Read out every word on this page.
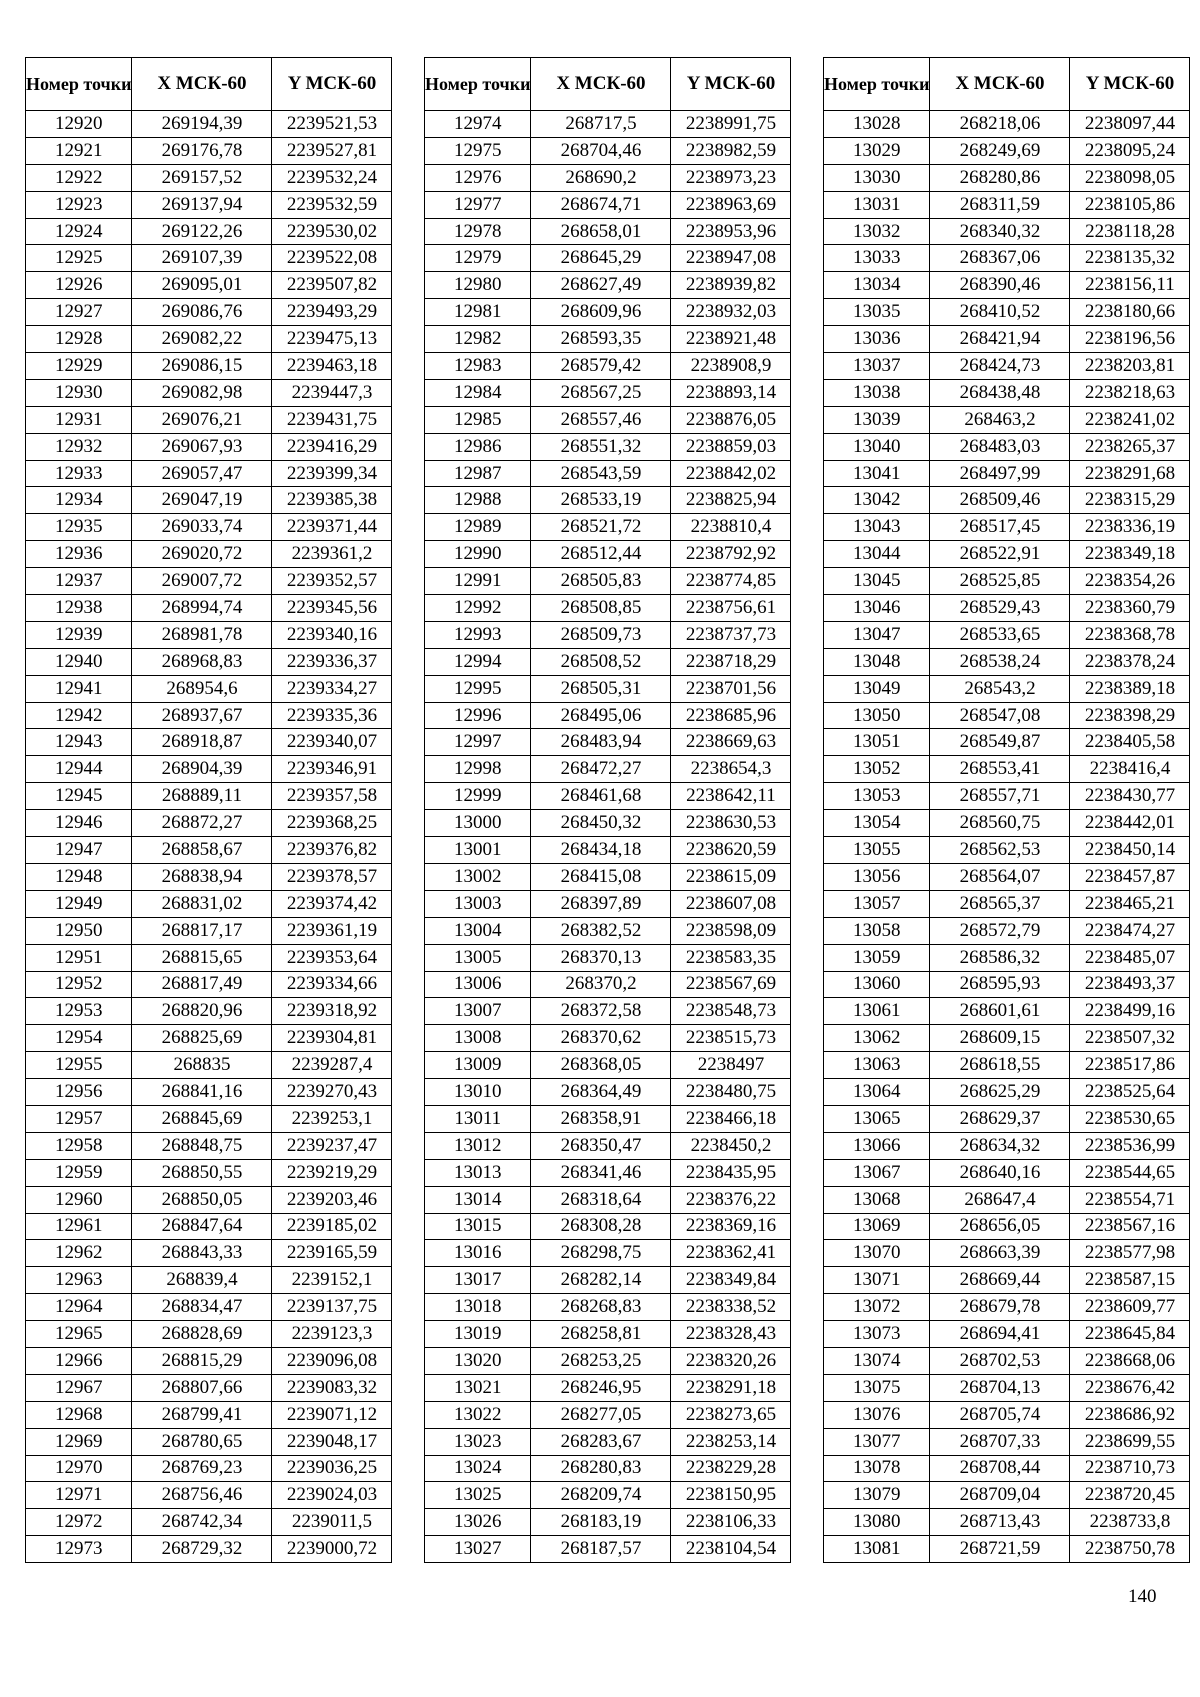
Номер точки	X МСК-60	Y МСК-60
12920	269194,39	2239521,53
12921	269176,78	2239527,81
12922	269157,52	2239532,24
12923	269137,94	2239532,59
12924	269122,26	2239530,02
12925	269107,39	2239522,08
12926	269095,01	2239507,82
12927	269086,76	2239493,29
12928	269082,22	2239475,13
12929	269086,15	2239463,18
12930	269082,98	2239447,3
12931	269076,21	2239431,75
12932	269067,93	2239416,29
12933	269057,47	2239399,34
12934	269047,19	2239385,38
12935	269033,74	2239371,44
12936	269020,72	2239361,2
12937	269007,72	2239352,57
12938	268994,74	2239345,56
12939	268981,78	2239340,16
12940	268968,83	2239336,37
12941	268954,6	2239334,27
12942	268937,67	2239335,36
12943	268918,87	2239340,07
12944	268904,39	2239346,91
12945	268889,11	2239357,58
12946	268872,27	2239368,25
12947	268858,67	2239376,82
12948	268838,94	2239378,57
12949	268831,02	2239374,42
12950	268817,17	2239361,19
12951	268815,65	2239353,64
12952	268817,49	2239334,66
12953	268820,96	2239318,92
12954	268825,69	2239304,81
12955	268835	2239287,4
12956	268841,16	2239270,43
12957	268845,69	2239253,1
12958	268848,75	2239237,47
12959	268850,55	2239219,29
12960	268850,05	2239203,46
12961	268847,64	2239185,02
12962	268843,33	2239165,59
12963	268839,4	2239152,1
12964	268834,47	2239137,75
12965	268828,69	2239123,3
12966	268815,29	2239096,08
12967	268807,66	2239083,32
12968	268799,41	2239071,12
12969	268780,65	2239048,17
12970	268769,23	2239036,25
12971	268756,46	2239024,03
12972	268742,34	2239011,5
12973	268729,32	2239000,72
Номер точки	X МСК-60	Y МСК-60
12974	268717,5	2238991,75
12975	268704,46	2238982,59
12976	268690,2	2238973,23
12977	268674,71	2238963,69
12978	268658,01	2238953,96
12979	268645,29	2238947,08
12980	268627,49	2238939,82
12981	268609,96	2238932,03
12982	268593,35	2238921,48
12983	268579,42	2238908,9
12984	268567,25	2238893,14
12985	268557,46	2238876,05
12986	268551,32	2238859,03
12987	268543,59	2238842,02
12988	268533,19	2238825,94
12989	268521,72	2238810,4
12990	268512,44	2238792,92
12991	268505,83	2238774,85
12992	268508,85	2238756,61
12993	268509,73	2238737,73
12994	268508,52	2238718,29
12995	268505,31	2238701,56
12996	268495,06	2238685,96
12997	268483,94	2238669,63
12998	268472,27	2238654,3
12999	268461,68	2238642,11
13000	268450,32	2238630,53
13001	268434,18	2238620,59
13002	268415,08	2238615,09
13003	268397,89	2238607,08
13004	268382,52	2238598,09
13005	268370,13	2238583,35
13006	268370,2	2238567,69
13007	268372,58	2238548,73
13008	268370,62	2238515,73
13009	268368,05	2238497
13010	268364,49	2238480,75
13011	268358,91	2238466,18
13012	268350,47	2238450,2
13013	268341,46	2238435,95
13014	268318,64	2238376,22
13015	268308,28	2238369,16
13016	268298,75	2238362,41
13017	268282,14	2238349,84
13018	268268,83	2238338,52
13019	268258,81	2238328,43
13020	268253,25	2238320,26
13021	268246,95	2238291,18
13022	268277,05	2238273,65
13023	268283,67	2238253,14
13024	268280,83	2238229,28
13025	268209,74	2238150,95
13026	268183,19	2238106,33
13027	268187,57	2238104,54
Номер точки	X МСК-60	Y МСК-60
13028	268218,06	2238097,44
13029	268249,69	2238095,24
13030	268280,86	2238098,05
13031	268311,59	2238105,86
13032	268340,32	2238118,28
13033	268367,06	2238135,32
13034	268390,46	2238156,11
13035	268410,52	2238180,66
13036	268421,94	2238196,56
13037	268424,73	2238203,81
13038	268438,48	2238218,63
13039	268463,2	2238241,02
13040	268483,03	2238265,37
13041	268497,99	2238291,68
13042	268509,46	2238315,29
13043	268517,45	2238336,19
13044	268522,91	2238349,18
13045	268525,85	2238354,26
13046	268529,43	2238360,79
13047	268533,65	2238368,78
13048	268538,24	2238378,24
13049	268543,2	2238389,18
13050	268547,08	2238398,29
13051	268549,87	2238405,58
13052	268553,41	2238416,4
13053	268557,71	2238430,77
13054	268560,75	2238442,01
13055	268562,53	2238450,14
13056	268564,07	2238457,87
13057	268565,37	2238465,21
13058	268572,79	2238474,27
13059	268586,32	2238485,07
13060	268595,93	2238493,37
13061	268601,61	2238499,16
13062	268609,15	2238507,32
13063	268618,55	2238517,86
13064	268625,29	2238525,64
13065	268629,37	2238530,65
13066	268634,32	2238536,99
13067	268640,16	2238544,65
13068	268647,4	2238554,71
13069	268656,05	2238567,16
13070	268663,39	2238577,98
13071	268669,44	2238587,15
13072	268679,78	2238609,77
13073	268694,41	2238645,84
13074	268702,53	2238668,06
13075	268704,13	2238676,42
13076	268705,74	2238686,92
13077	268707,33	2238699,55
13078	268708,44	2238710,73
13079	268709,04	2238720,45
13080	268713,43	2238733,8
13081	268721,59	2238750,78
140
